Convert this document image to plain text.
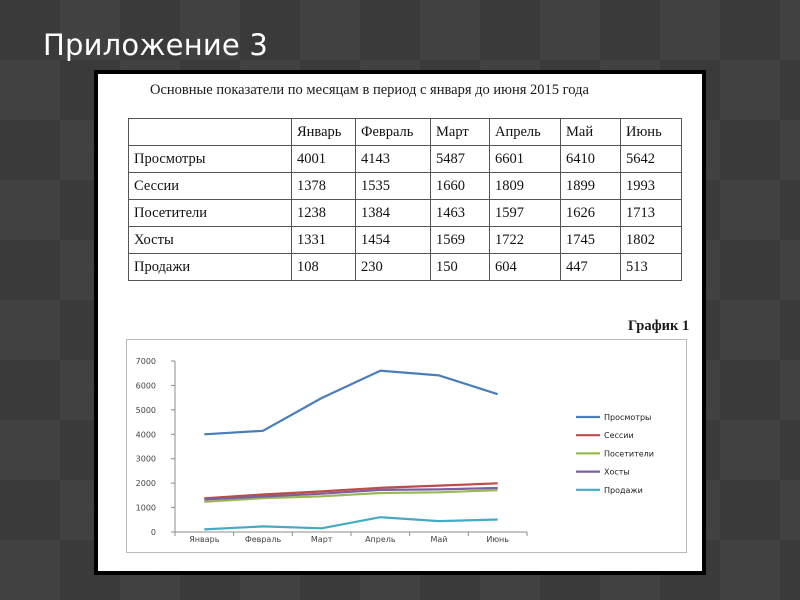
Приложение 3
Основные показатели по месяцам в период с января до июня 2015 года
	Январь	Февраль	Март	Апрель	Май	Июнь
Просмотры	4001	4143	5487	6601	6410	5642
Сессии	1378	1535	1660	1809	1899	1993
Посетители	1238	1384	1463	1597	1626	1713
Хосты	1331	1454	1569	1722	1745	1802
Продажи	108	230	150	604	447	513
График 1
0
1000
2000
3000
4000
5000
6000
7000
Январь	Февраль	Март	Апрель	Май	Июнь
Просмотры
Сессии
Посетители
Хосты
Продажи
